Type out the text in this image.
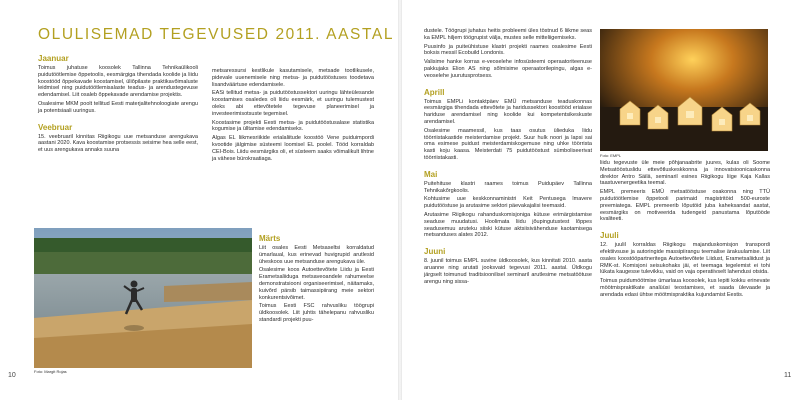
OLULISEMAD TEGEVUSED 2011. AASTAL
Jaanuar

Toimus juhatuse koosolek Tallinna Tehnikaülikooli puidutöötlemise õppetoolis, eesmärgiga tihendada koolide ja liidu koostööd õppekavade koostamisel, üliõpilaste praktikavõimaluste leidmisel ning puidutöötlemisalaste teadus- ja arendustegevuse edendamisel. Liit osaleb õppekavade arendamise projektis.

Osalesime MKM poolt tellitud Eesti materjalitehnoloogiate arengu ja potentsiaali uuringus.

Veebruar

15. veebruaril kinnitas Riigikogu uue metsanduse arengukava aastani 2020. Kava koostamise protsessis seisime hea selle eest, et uus arengukava annaks suuna

metsaressursi kestlikule kasutamisele, metsade tootlikusele, pidevale uuenemisele ning metsa- ja puidutööstuses toodetava lisandväärtuse edendamisele.

EASi tellitud metsa- ja puidutööstussektori uuringu lähteülesande koostamises osaledes oli liidu eesmärk, et uuringu tulemustest oleks abi ettevõtetele tegevuse planeerimisel ja investeerimisotsuste tegemisel.

Koostasime projekti Eesti metsa- ja puidutööstusalase statistika kogumise ja ülltamise edendamiseks.

Algas EL liikmesriikide erialaliitude koostöö Vene puiduimpordi kvootide jälgimise süsteemi loomisel EL poolel. Tööd korraldab CEI-Bois. Liidu eesmärgiks oli, et süsteem saaks võimalikult lihtne ja vähese bürokraatiaga.

Foto: Margit Rojas
Märts

Liit osales Eesti Metsaseltsi korraldatud ümarlaual, kus erinevad huvigrupid arutlesid üheskoos uue metsanduse arengukava üle.

Osalesime koos Autoettevõtete Liidu ja Eesti Erametsaliiduga metsaveoandele rahumeelse demonstratsiooni organiseerimisel, näitamaks, kuivõrd pärsib taimassipiirang meie sektori konkurentsivõimet.

Toimus Eesti FSC rahvusliku töögrupi üldkoosolek. Liit juhtis tähelepanu rahvusliku standardi projekti puu-

10

dustele. Töögrupi juhatus heitis probleemi üles töstnud 6 liikme seas ka EMPL hiljem töögrupist välja, mustes selle mitteliigemiseks.

Puusinfo ja puiteühistuse klastri projekti raames osalesime Eesti boksis messil Ecobuild Londonis.

Valisime hanke korras e-veoselehe infosüsteemi operaatoriteenuse pakkujaks Elion AS ning sõlmisime operaatorilepingu, algas e-veoselehe juurutusprotsess.

Aprill

Toimus EMPLi kontaktpäev EMÜ metsanduse teaduskonnas eesmärgiga tihendada ettevõtete ja haridussektori koostööd erialase hariduse arendamisel ning koolide kui kompetentsikeskuste arendamisel.

Osalesime maamessil, kus taas osutus ülieduka liidu töörriistakastide meisterdamise projekt. Suur hulk noori ja lapsi sai oma esimese puidust meisterdamiskogemuse ning uhke töörrista kasti koju kaasa. Meisterdati 75 puidutööstust sümboliseerivat töörriistakasti.

Mai

Puitehituse klastri raames toimus Puidupäev Tallinna Tehnikakõrgkoolis.

Kohtusime uue keskkonnaministri Keit Pentusega lmavere puidutööstuse ja arutasime sektori päevakajalisi teemasid.

Arutasime Riigikogu rahanduskomisjoniga kütuse erimärgistamise seaduse muudatusi. Hoolimata liidu jõupingutustest lõppes seadusemuu aruteku siiski kütuse aktsiisivähenduse kaotamisega metsanduses alates 2012.

Juuni

8. juunil toimus EMPL suvine üldkoosolek, kus kinnitati 2010. aasta aruanne ning arutati jooksvaid tegevusi 2011. aastal. Üldkogu järgselt toimunud traditsioonilisel seminaril arutlesime metsatöötuse arengu ning sissa-

Foto: EMPL

liidu tegevuste üle meie põhjanaabrite juures, kulas oli Soome Metsatööstuslidu ettevõtluskeskkonna ja innovatsioonicaskonna direktor Antro Säilä, seminaril esines Riigikogu liige Kaja Kallas taastuvenergeetika teemal.

EMPL premeeris EMÜ metsatööstuse osakonna ning TTÜ puidutöötlemise õppetooli parimaid magistritöid 500-euroste preemiatega. EMPL premeerib lõputöid juba kaheksandat aastat, eesmärgiks on motiveerida tudengeid panustama lõputööde kvaliteeti.

Juuli

12. juulil korraldas Riigikogu majanduskomisjon transpordi efektiivsuse ja autoringide massipiirangu teemalise ärakuulamise. Liit osales koostööpartneritega Autoettevõtete Liidust, Erametsaliidust ja RMK-st. Komisjoni seisukohaks jäi, et teemaga tegelemist ei tohi lükata kaugesse tulevikku, vaid on vaja operatiivselt lahendusi otsida.

Toimus puidumöötmise ümarlaua koosolek, kus lepiti kokku erinevate möötmispraktikate analüüsi teostamises, et saada ülevaade ja arendada edasi ühtse möötmispraktika kujundamist Eestis.

11
